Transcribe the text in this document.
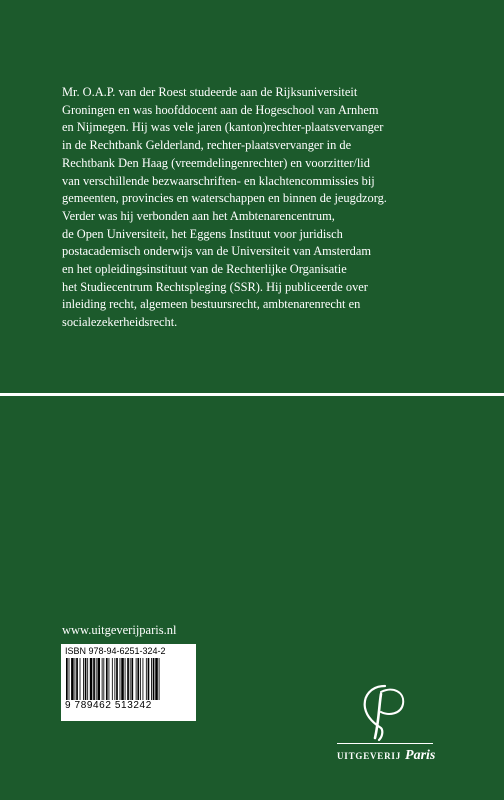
Mr. O.A.P. van der Roest studeerde aan de Rijksuniversiteit
Groningen en was hoofddocent aan de Hogeschool van Arnhem
en Nijmegen. Hij was vele jaren (kanton)rechter-plaatsvervanger
in de Rechtbank Gelderland, rechter-plaatsvervanger in de
Rechtbank Den Haag (vreemdelingenrechter) en voorzitter/lid
van verschillende bezwaarschriften- en klachtencommissies bij
gemeenten, provincies en waterschappen en binnen de jeugdzorg.
Verder was hij verbonden aan het Ambtenarencentrum,
de Open Universiteit, het Eggens Instituut voor juridisch
postacademisch onderwijs van de Universiteit van Amsterdam
en het opleidingsinstituut van de Rechterlijke Organisatie
het Studiecentrum Rechtspleging (SSR). Hij publiceerde over
inleiding recht, algemeen bestuursrecht, ambtenarenrecht en
socialezekerheidsrecht.
www.uitgeverijparis.nl
ISBN 978-94-6251-324-2
9 789462 513242
UITGEVERIJ Paris
